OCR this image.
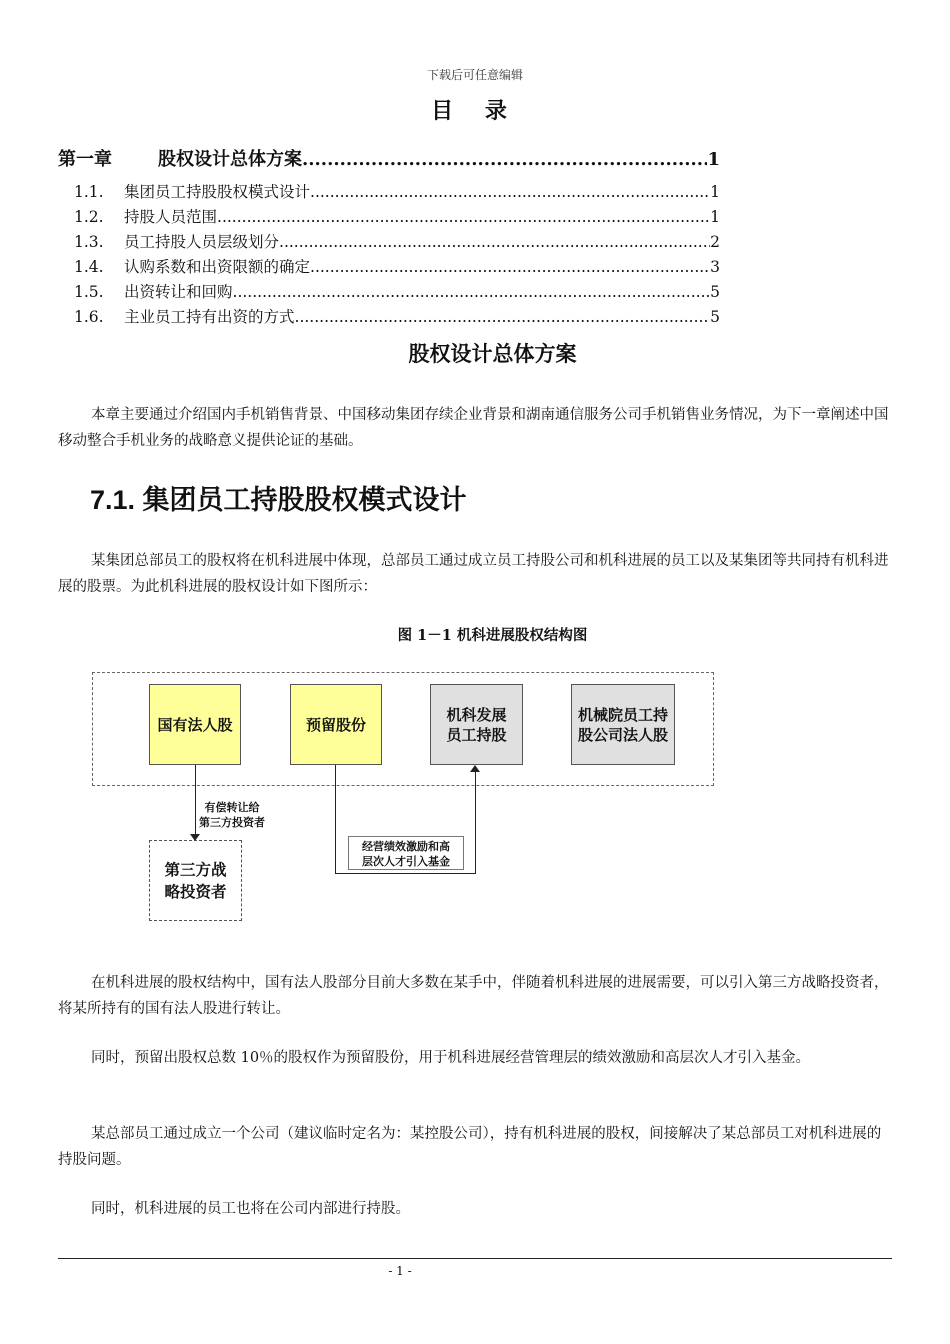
下载后可任意编辑
目 录
第一章	股权设计总体方案 .....	1
1.1.	集团员工持股股权模式设计 .....	1
1.2.	持股人员范围 .....	1
1.3.	员工持股人员层级划分 .....	2
1.4.	认购系数和出资限额的确定 .....	3
1.5.	出资转让和回购 .....	5
1.6.	主业员工持有出资的方式 .....	5
股权设计总体方案
本章主要通过介绍国内手机销售背景、中国移动集团存续企业背景和湖南通信服务公司手机销售业务情况，为下一章阐述中国移动整合手机业务的战略意义提供论证的基础。
7.1. 集团员工持股股权模式设计
某集团总部员工的股权将在机科进展中体现，总部员工通过成立员工持股公司和机科进展的员工以及某集团等共同持有机科进展的股票。为此机科进展的股权设计如下图所示：
图 1－1 机科进展股权结构图
国有法人股	预留股份
机科发展
员工持股
机械院员工持
股公司法人股
有偿转让给
第三方投资者
第三方战
略投资者
经营绩效激励和高
层次人才引入基金
在机科进展的股权结构中，国有法人股部分目前大多数在某手中，伴随着机科进展的进展需要，可以引入第三方战略投资者，将某所持有的国有法人股进行转让。
同时，预留出股权总数 10％的股权作为预留股份，用于机科进展经营管理层的绩效激励和高层次人才引入基金。
某总部员工通过成立一个公司（建议临时定名为：某控股公司），持有机科进展的股权，间接解决了某总部员工对机科进展的持股问题。
同时，机科进展的员工也将在公司内部进行持股。
- 1 -
